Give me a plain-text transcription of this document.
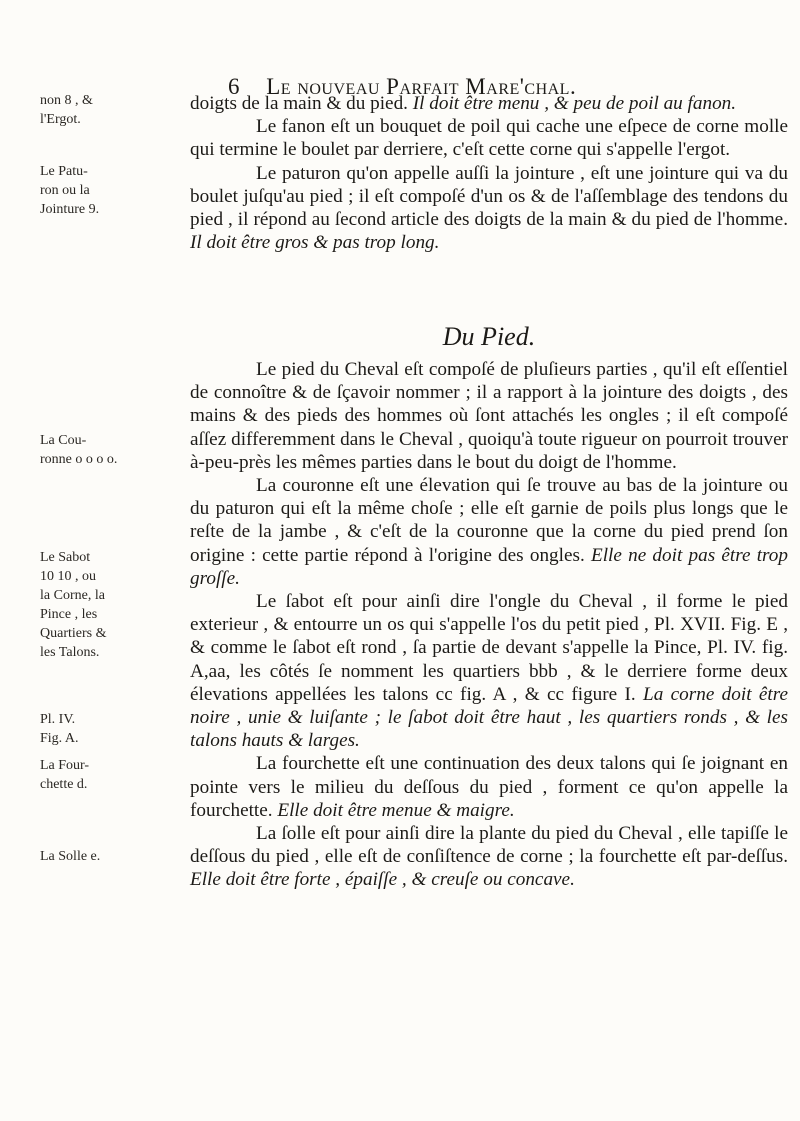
6 Le nouveau Parfait Mare'chal.
non 8 , &
l'Ergot.
Le Patu-
ron ou la
Jointure 9.
La Cou-
ronne o o o o.
Le Sabot
10 10 , ou
la Corne, la
Pince , les
Quartiers &
les Talons.
Pl. IV.
Fig. A.
La Four-
chette d.
La Solle e.

doigts de la main & du pied. Il doit être menu , & peu de poil au fanon.

Le fanon eſt un bouquet de poil qui cache une eſpece de corne molle qui termine le boulet par derriere, c'eſt cette corne qui s'appelle l'ergot.

Le paturon qu'on appelle auſſi la jointure , eſt une jointure qui va du boulet juſqu'au pied ; il eſt compoſé d'un os & de l'aſſemblage des tendons du pied , il répond au ſecond article des doigts de la main & du pied de l'homme. Il doit être gros & pas trop long.

Du Pied.

Le pied du Cheval eſt compoſé de pluſieurs parties , qu'il eſt eſſentiel de connoître & de ſçavoir nommer ; il a rapport à la jointure des doigts , des mains & des pieds des hommes où ſont attachés les ongles ; il eſt compoſé aſſez differemment dans le Cheval , quoiqu'à toute rigueur on pourroit trouver à-peu-près les mêmes parties dans le bout du doigt de l'homme.

La couronne eſt une élevation qui ſe trouve au bas de la jointure ou du paturon qui eſt la même choſe ; elle eſt garnie de poils plus longs que le reſte de la jambe , & c'eſt de la couronne que la corne du pied prend ſon origine : cette partie répond à l'origine des ongles. Elle ne doit pas être trop groſſe.

Le ſabot eſt pour ainſi dire l'ongle du Cheval , il forme le pied exterieur , & entourre un os qui s'appelle l'os du petit pied , Pl. XVII. Fig. E , & comme le ſabot eſt rond , ſa partie de devant s'appelle la Pince, Pl. IV. fig. A,aa, les côtés ſe nomment les quartiers bbb , & le derriere forme deux élevations appellées les talons cc fig. A , & cc figure I. La corne doit être noire , unie & luiſante ; le ſabot doit être haut , les quartiers ronds , & les talons hauts & larges.

La fourchette eſt une continuation des deux talons qui ſe joignant en pointe vers le milieu du deſſous du pied , forment ce qu'on appelle la fourchette. Elle doit être menue & maigre.

La ſolle eſt pour ainſi dire la plante du pied du Cheval , elle tapiſſe le deſſous du pied , elle eſt de conſiſtence de corne ; la fourchette eſt par-deſſus. Elle doit être forte , épaiſſe , & creuſe ou concave.
